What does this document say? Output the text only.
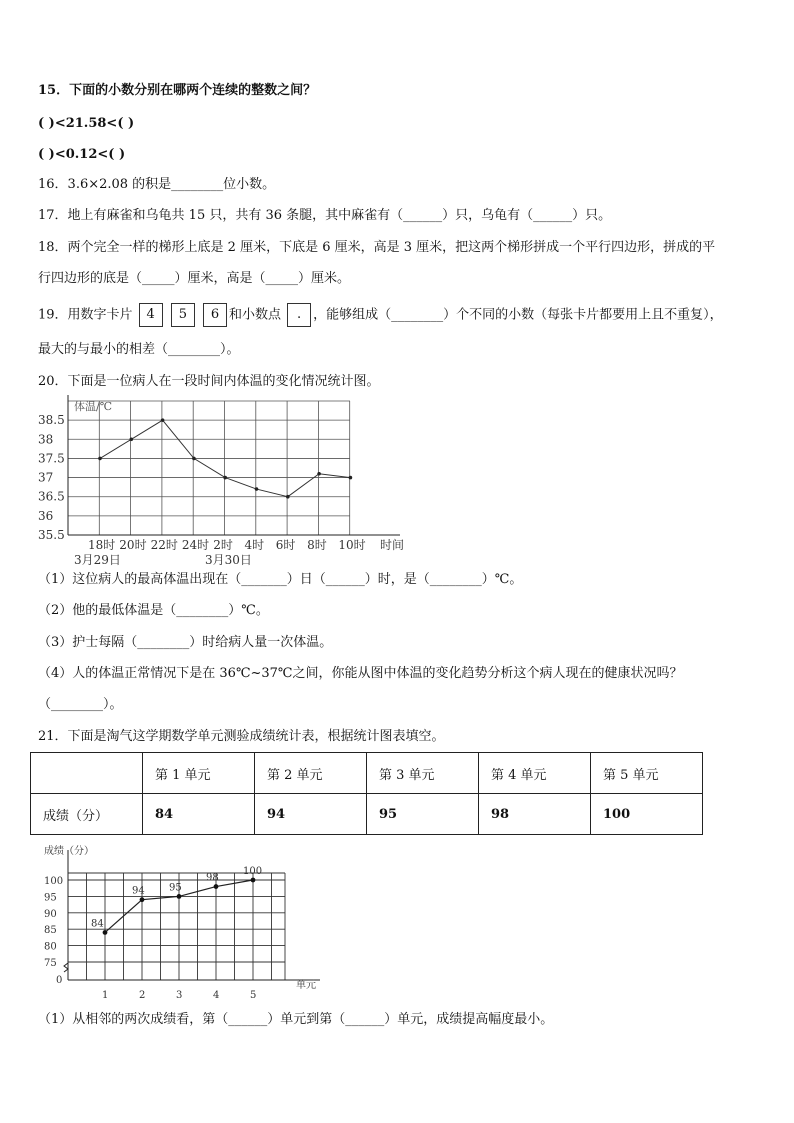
15．下面的小数分别在哪两个连续的整数之间？
( )<21.58<( )
( )<0.12<( )
16．3.6×2.08 的积是________位小数。
17．地上有麻雀和乌龟共 15 只，共有 36 条腿，其中麻雀有（______）只，乌龟有（______）只。
18．两个完全一样的梯形上底是 2 厘米，下底是 6 厘米，高是 3 厘米，把这两个梯形拼成一个平行四边形，拼成的平
行四边形的底是（_____）厘米，高是（_____）厘米。
19．用数字卡片 4 5 6 和小数点 . ，能够组成（________）个不同的小数（每张卡片都要用上且不重复），
最大的与最小的相差（________）。
20．下面是一位病人在一段时间内体温的变化情况统计图。
体温/℃
35.5
36
36.5
37
37.5
38
38.5
18时 20时 22时 24时 2时 4时 6时 8时 10时 时间
3月29日	3月30日
（1）这位病人的最高体温出现在（_______）日（______）时，是（________）℃。
（2）他的最低体温是（________）℃。
（3）护士每隔（________）时给病人量一次体温。
（4）人的体温正常情况下是在 36℃~37℃之间，你能从图中体温的变化趋势分析这个病人现在的健康状况吗？
（________）。
21．下面是淘气这学期数学单元测验成绩统计表，根据统计图表填空。
	第 1 单元	第 2 单元	第 3 单元	第 4 单元	第 5 单元
成绩（分）	84	94	95	98	100
成绩（分）
0
75
80
85
90
95
100
1	2	3	4	5
单元
84
94 95
98
100
（1）从相邻的两次成绩看，第（______）单元到第（______）单元，成绩提高幅度最小。
